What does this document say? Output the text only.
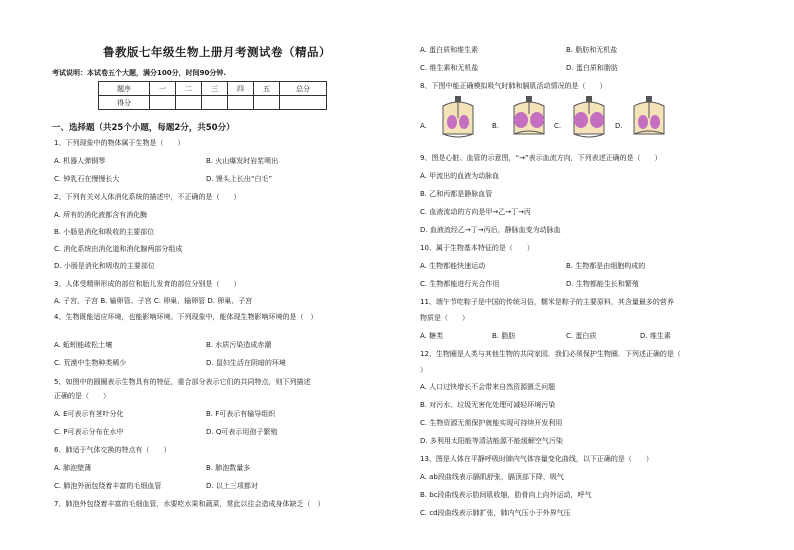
鲁教版七年级生物上册月考测试卷（精品）
考试说明：本试卷五个大题，满分100分，时间90分钟.
题序	一	二	三	四	五	总分
得分						
一、选择题（共25个小题，每题2分，共50分）
1、下列现象中的物体属于生物是（　　）
A. 机器人弹钢琴	B. 火山爆发时岩浆喷出
C. 钟乳石在慢慢长大	D. 馒头上长出“白毛”
2、下列有关对人体消化系统的描述中，不正确的是（　　）
A. 所有的消化液都含有消化酶
B. 小肠是消化和吸收的主要部位
C. 消化系统由消化道和消化腺两部分组成
D. 小肠是消化和吸收的主要部位
3、人体受精卵形成的部位和胎儿发育的部位分别是（　　）
A. 子宫、子宫 B. 输卵管、子宫 C. 卵巢、输卵管 D. 卵巢、子宫
4、生物既能适应环境，也能影响环境。下列现象中，能体现生物影响环境的是（　）
A. 蚯蚓能疏松土壤	B. 水质污染造成赤潮
C. 荒漠中生物种类稀少	D. 鼠妇生活在阴暗的环境
5、如图中的圆圈表示生物具有的特征，重合部分表示它们的共同特点，则下列描述
正确的是（　　）
A. E可表示有茎叶分化	B. F可表示有输导组织
C. P可表示分布在水中	D. Q可表示用孢子繁殖
6、肺适于气体交换的特点有（　　）
A. 肺泡壁薄	B. 肺泡数量多
C. 肺泡外面包绕着丰富的毛细血管	D. 以上三项都对
7、肺泡外包绕着丰富的毛细血管，水要吃水果和蔬菜，常此以往会造成身体缺乏（　）
A. 蛋白质和维生素	B. 脂肪和无机盐
C. 维生素和无机盐	D. 蛋白质和脂肪
8、下图中能正确模拟吸气时肺和膈肌活动情况的是（　　）
A.	B.	C.	D.
9、图是心脏、血管的示意图，“→”表示血流方向，下列表述正确的是（　　）
A. 甲流出的血液为动脉血
B. 乙和丙都是静脉血管
C. 血液流动的方向是甲→乙→丁→丙
D. 血液流经乙→丁→丙后，静脉血变为动脉血
10、属于生物基本特征的是（　　）
A. 生物都能快速运动	B. 生物都是由细胞构成的
C. 生物都能进行光合作用	D. 生物都能生长和繁殖
11、端午节吃粽子是中国的传统习俗，糯米是粽子的主要原料，其含量最多的营养
物质是（　　）
A. 糖类	B. 脂肪	C. 蛋白质	D. 维生素
12、生物圈是人类与其他生物的共同家园．我们必须保护生物圈．下列述正确的是（
）
A. 人口过快增长不会带来自然资源匮乏问题
B. 对污水、垃圾无害化处理可减轻环境污染
C. 生物资源无需保护就能实现可持续开发利用
D. 多利用太阳能等清洁能源不能缓解空气污染
13、图是人体在平静呼吸时肺内气体容量变化曲线，以下正确的是（　　）
A. ab段曲线表示膈肌舒张，膈顶部下降，吸气
B. bc段曲线表示肋间肌收缩，肋骨向上向外运动，呼气
C. cd段曲线表示肺扩张，肺内气压小于外界气压
